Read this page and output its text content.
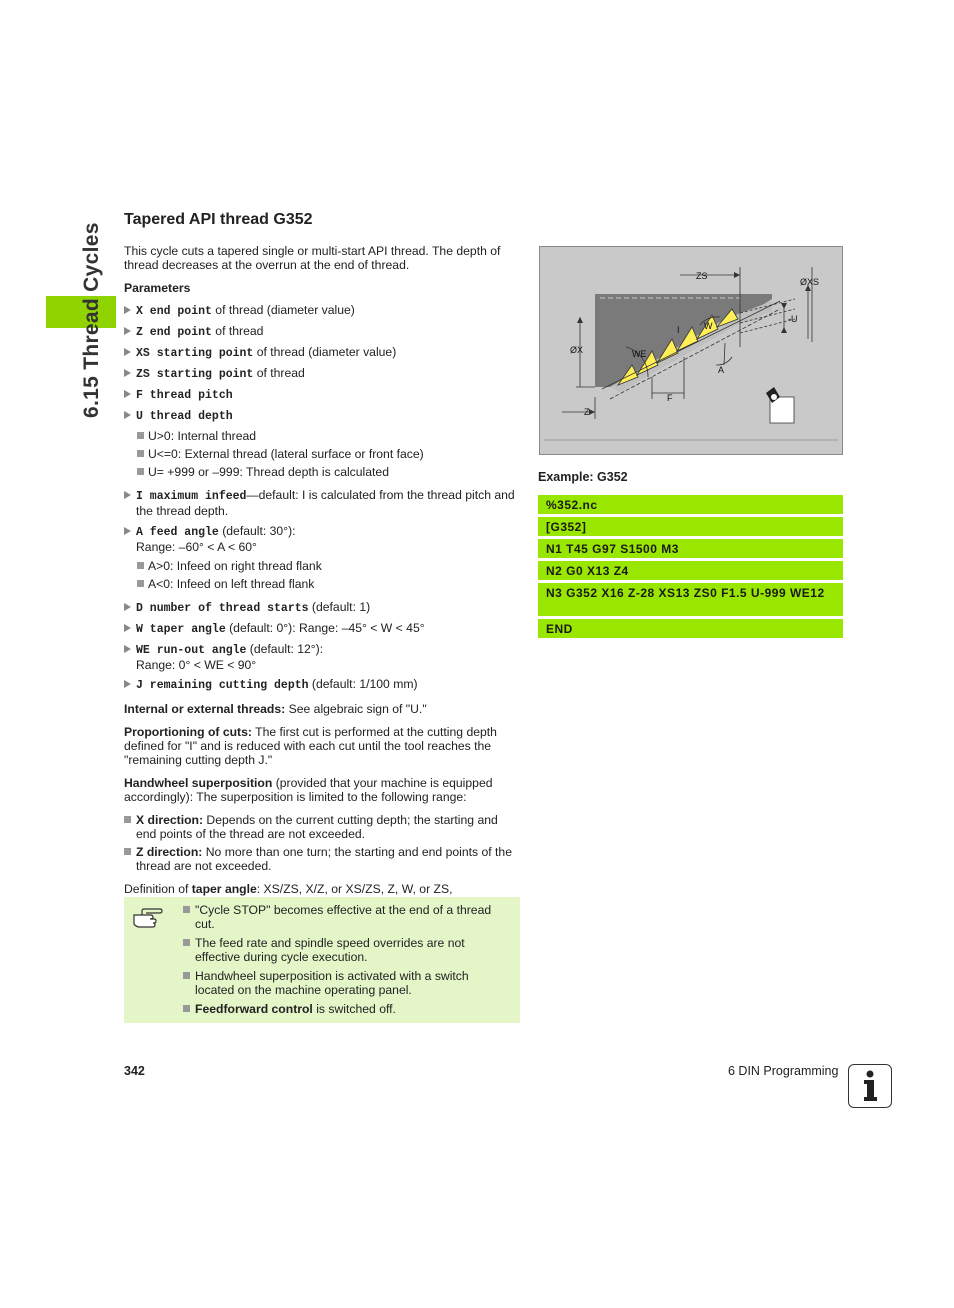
6.15 Thread Cycles
Tapered API thread G352

This cycle cuts a tapered single or multi-start API thread. The depth of thread decreases at the overrun at the end of thread.

Parameters

X end point of thread (diameter value)
Z end point of thread
XS starting point of thread (diameter value)
ZS starting point of thread
F thread pitch
U thread depth
U>0: Internal thread
U<=0: External thread (lateral surface or front face)
U= +999 or –999: Thread depth is calculated
I maximum infeed—default: I is calculated from the thread pitch and the thread depth.
A feed angle (default: 30°):
Range: –60° < A < 60°
A>0: Infeed on right thread flank
A<0: Infeed on left thread flank
D number of thread starts (default: 1)
W taper angle (default: 0°): Range: –45° < W < 45°
WE run-out angle (default: 12°):
Range: 0° < WE < 90°
J remaining cutting depth (default: 1/100 mm)

Internal or external threads: See algebraic sign of "U."

Proportioning of cuts: The first cut is performed at the cutting depth defined for "I" and is reduced with each cut until the tool reaches the "remaining cutting depth J."

Handwheel superposition (provided that your machine is equipped accordingly): The superposition is limited to the following range:

X direction: Depends on the current cutting depth; the starting and end points of the thread are not exceeded.
Z direction: No more than one turn; the starting and end points of the thread are not exceeded.

Definition of taper angle: XS/ZS, X/Z, or XS/ZS, Z, W, or ZS,

"Cycle STOP" becomes effective at the end of a thread cut.
The feed rate and spindle speed overrides are not effective during cycle execution.
Handwheel superposition is activated with a switch located on the machine operating panel.
Feedforward control is switched off.
ZS
ØXS
-U
ØX
I	W
WE
A
F
Z
Example: G352
%352.nc
[G352]
N1 T45 G97 S1500 M3
N2 G0 X13 Z4
N3 G352 X16 Z-28 XS13 ZS0 F1.5 U-999 WE12
END
342	6 DIN Programming
